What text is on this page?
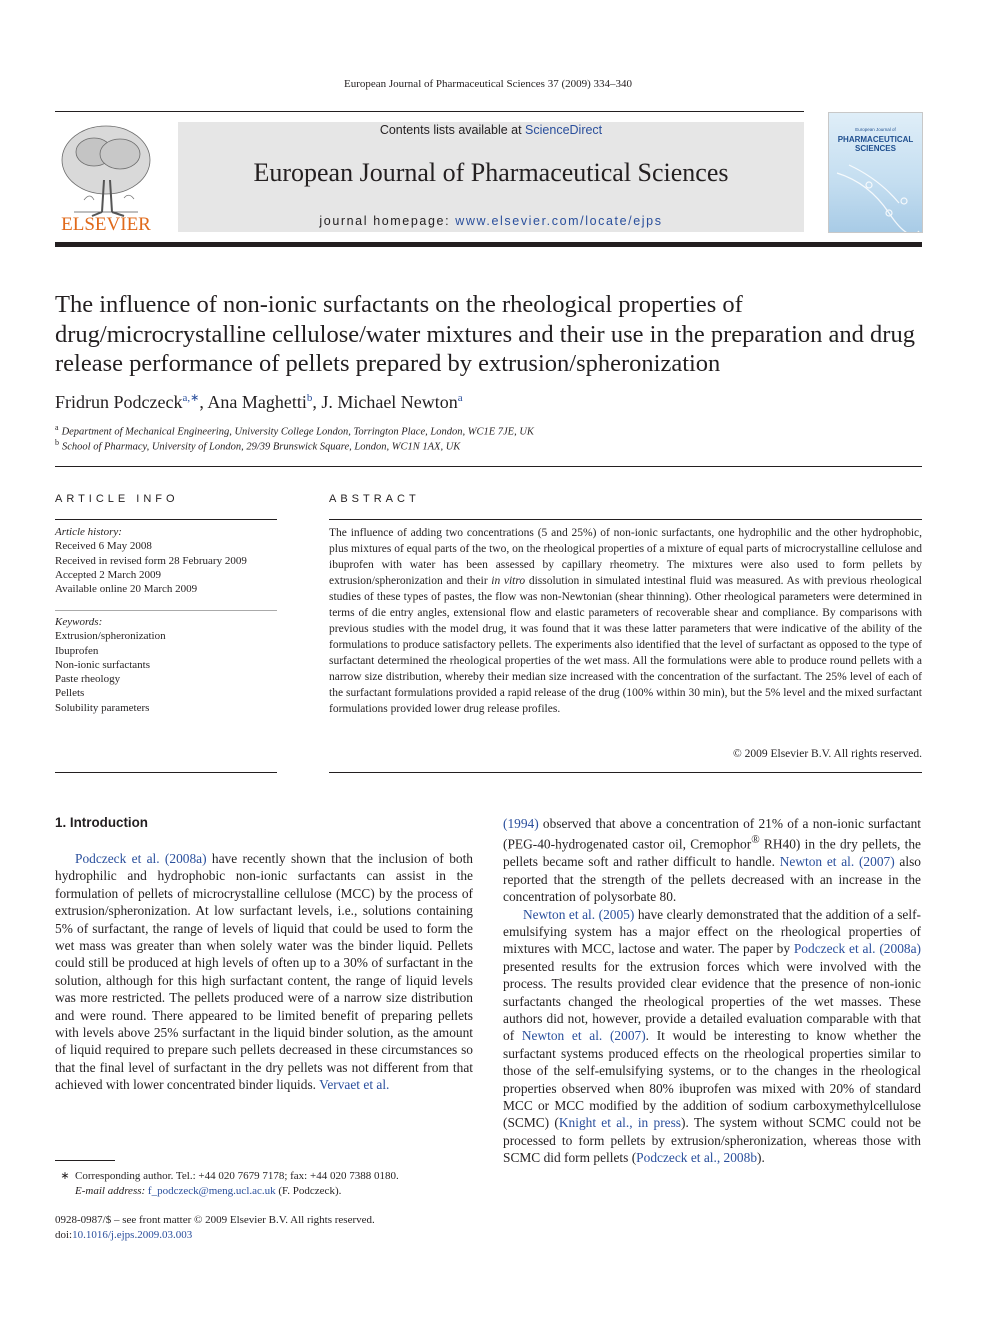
European Journal of Pharmaceutical Sciences 37 (2009) 334–340
ELSEVIER
Contents lists available at ScienceDirect
European Journal of Pharmaceutical Sciences
journal homepage: www.elsevier.com/locate/ejps
European Journal of
PHARMACEUTICAL
SCIENCES
The influence of non-ionic surfactants on the rheological properties of drug/microcrystalline cellulose/water mixtures and their use in the preparation and drug release performance of pellets prepared by extrusion/spheronization
Fridrun Podczeck$^{a,∗}$, Ana Maghetti$^b$, J. Michael Newton$^a$
$^a$ Department of Mechanical Engineering, University College London, Torrington Place, London, WC1E 7JE, UK
$^b$ School of Pharmacy, University of London, 29/39 Brunswick Square, London, WC1N 1AX, UK
ARTICLE INFO
Article history:
Received 6 May 2008
Received in revised form 28 February 2009
Accepted 2 March 2009
Available online 20 March 2009
Keywords:
Extrusion/spheronization
Ibuprofen
Non-ionic surfactants
Paste rheology
Pellets
Solubility parameters
ABSTRACT
The influence of adding two concentrations (5 and 25%) of non-ionic surfactants, one hydrophilic and the other hydrophobic, plus mixtures of equal parts of the two, on the rheological properties of a mixture of equal parts of microcrystalline cellulose and ibuprofen with water has been assessed by capillary rheometry. The mixtures were also used to form pellets by extrusion/spheronization and their in vitro dissolution in simulated intestinal fluid was measured. As with previous rheological studies of these types of pastes, the flow was non-Newtonian (shear thinning). Other rheological parameters were determined in terms of die entry angles, extensional flow and elastic parameters of recoverable shear and compliance. By comparisons with previous studies with the model drug, it was found that it was these latter parameters that were indicative of the ability of the formulations to produce satisfactory pellets. The experiments also identified that the level of surfactant as opposed to the type of surfactant determined the rheological properties of the wet mass. All the formulations were able to produce round pellets with a narrow size distribution, whereby their median size increased with the concentration of the surfactant. The 25% level of each of the surfactant formulations provided a rapid release of the drug (100% within 30 min), but the 5% level and the mixed surfactant formulations provided lower drug release profiles.
© 2009 Elsevier B.V. All rights reserved.
1. Introduction

Podczeck et al. (2008a) have recently shown that the inclusion of both hydrophilic and hydrophobic non-ionic surfactants can assist in the formulation of pellets of microcrystalline cellulose (MCC) by the process of extrusion/spheronization. At low surfactant levels, i.e., solutions containing 5% of surfactant, the range of levels of liquid that could be used to form the wet mass was greater than when solely water was the binder liquid. Pellets could still be produced at high levels of often up to a 30% of surfactant in the solution, although for this high surfactant content, the range of liquid levels was more restricted. The pellets produced were of a narrow size distribution and were round. There appeared to be limited benefit of preparing pellets with levels above 25% surfactant in the liquid binder solution, as the amount of liquid required to prepare such pellets decreased in these circumstances so that the final level of surfactant in the dry pellets was not different from that achieved with lower concentrated binder liquids. Vervaet et al.

(1994) observed that above a concentration of 21% of a non-ionic surfactant (PEG-40-hydrogenated castor oil, Cremophor® RH40) in the dry pellets, the pellets became soft and rather difficult to handle. Newton et al. (2007) also reported that the strength of the pellets decreased with an increase in the concentration of polysorbate 80.

Newton et al. (2005) have clearly demonstrated that the addition of a self-emulsifying system has a major effect on the rheological properties of mixtures with MCC, lactose and water. The paper by Podczeck et al. (2008a) presented results for the extrusion forces which were involved with the process. The results provided clear evidence that the presence of non-ionic surfactants changed the rheological properties of the wet masses. These authors did not, however, provide a detailed evaluation comparable with that of Newton et al. (2007). It would be interesting to know whether the surfactant systems produced effects on the rheological properties similar to those of the self-emulsifying systems, or to the changes in the rheological properties observed when 80% ibuprofen was mixed with 20% of standard MCC or MCC modified by the addition of sodium carboxymethylcellulose (SCMC) (Knight et al., in press). The system without SCMC could not be processed to form pellets by extrusion/spheronization, whereas those with SCMC did form pellets (Podczeck et al., 2008b).

∗ Corresponding author. Tel.: +44 020 7679 7178; fax: +44 020 7388 0180.
E-mail address: f_podczeck@meng.ucl.ac.uk (F. Podczeck).
0928-0987/$ – see front matter © 2009 Elsevier B.V. All rights reserved.
doi:10.1016/j.ejps.2009.03.003
